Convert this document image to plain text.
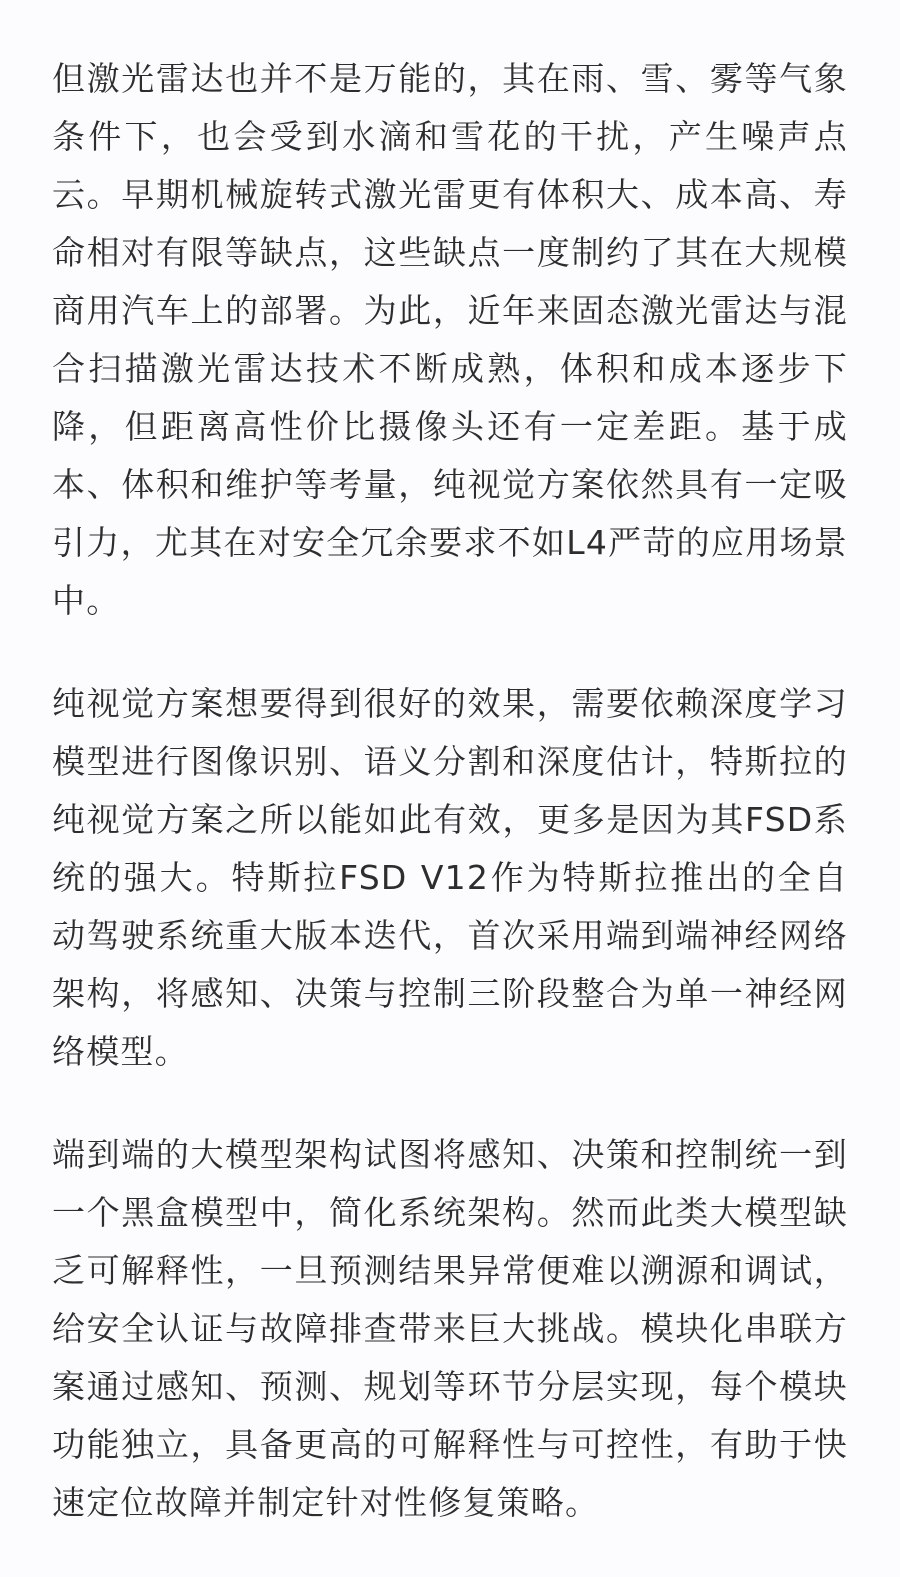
但激光雷达也并不是万能的，其在雨、雪、雾等气象条件下，也会受到水滴和雪花的干扰，产生噪声点云。早期机械旋转式激光雷更有体积大、成本高、寿命相对有限等缺点，这些缺点一度制约了其在大规模商用汽车上的部署。为此，近年来固态激光雷达与混合扫描激光雷达技术不断成熟，体积和成本逐步下降，但距离高性价比摄像头还有一定差距。基于成本、体积和维护等考量，纯视觉方案依然具有一定吸引力，尤其在对安全冗余要求不如L4严苛的应用场景中。

纯视觉方案想要得到很好的效果，需要依赖深度学习模型进行图像识别、语义分割和深度估计，特斯拉的纯视觉方案之所以能如此有效，更多是因为其FSD系统的强大。特斯拉FSD V12作为特斯拉推出的全自动驾驶系统重大版本迭代，首次采用端到端神经网络架构，将感知、决策与控制三阶段整合为单一神经网络模型。

端到端的大模型架构试图将感知、决策和控制统一到一个黑盒模型中，简化系统架构。然而此类大模型缺乏可解释性，一旦预测结果异常便难以溯源和调试，给安全认证与故障排查带来巨大挑战。模块化串联方案通过感知、预测、规划等环节分层实现，每个模块功能独立，具备更高的可解释性与可控性，有助于快速定位故障并制定针对性修复策略。
